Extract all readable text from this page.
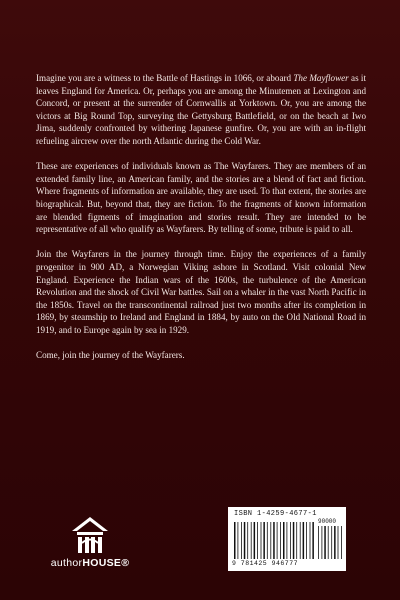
Imagine you are a witness to the Battle of Hastings in 1066, or aboard The Mayflower as it leaves England for America. Or, perhaps you are among the Minutemen at Lexington and Concord, or present at the surrender of Cornwallis at Yorktown. Or, you are among the victors at Big Round Top, surveying the Gettysburg Battlefield, or on the beach at Iwo Jima, suddenly confronted by withering Japanese gunfire. Or, you are with an in-flight refueling aircrew over the north Atlantic during the Cold War.

These are experiences of individuals known as The Wayfarers. They are members of an extended family line, an American family, and the stories are a blend of fact and fiction. Where fragments of information are available, they are used. To that extent, the stories are biographical. But, beyond that, they are fiction. To the fragments of known information are blended figments of imagination and stories result. They are intended to be representative of all who qualify as Wayfarers. By telling of some, tribute is paid to all.

Join the Wayfarers in the journey through time. Enjoy the experiences of a family progenitor in 900 AD, a Norwegian Viking ashore in Scotland. Visit colonial New England. Experience the Indian wars of the 1600s, the turbulence of the American Revolution and the shock of Civil War battles. Sail on a whaler in the vast North Pacific in the 1850s. Travel on the transcontinental railroad just two months after its completion in 1869, by steamship to Ireland and England in 1884, by auto on the Old National Road in 1919, and to Europe again by sea in 1929.

Come, join the journey of the Wayfarers.

authorHOUSE®
ISBN 1-4259-4677-1
90000
9 781425 946777
